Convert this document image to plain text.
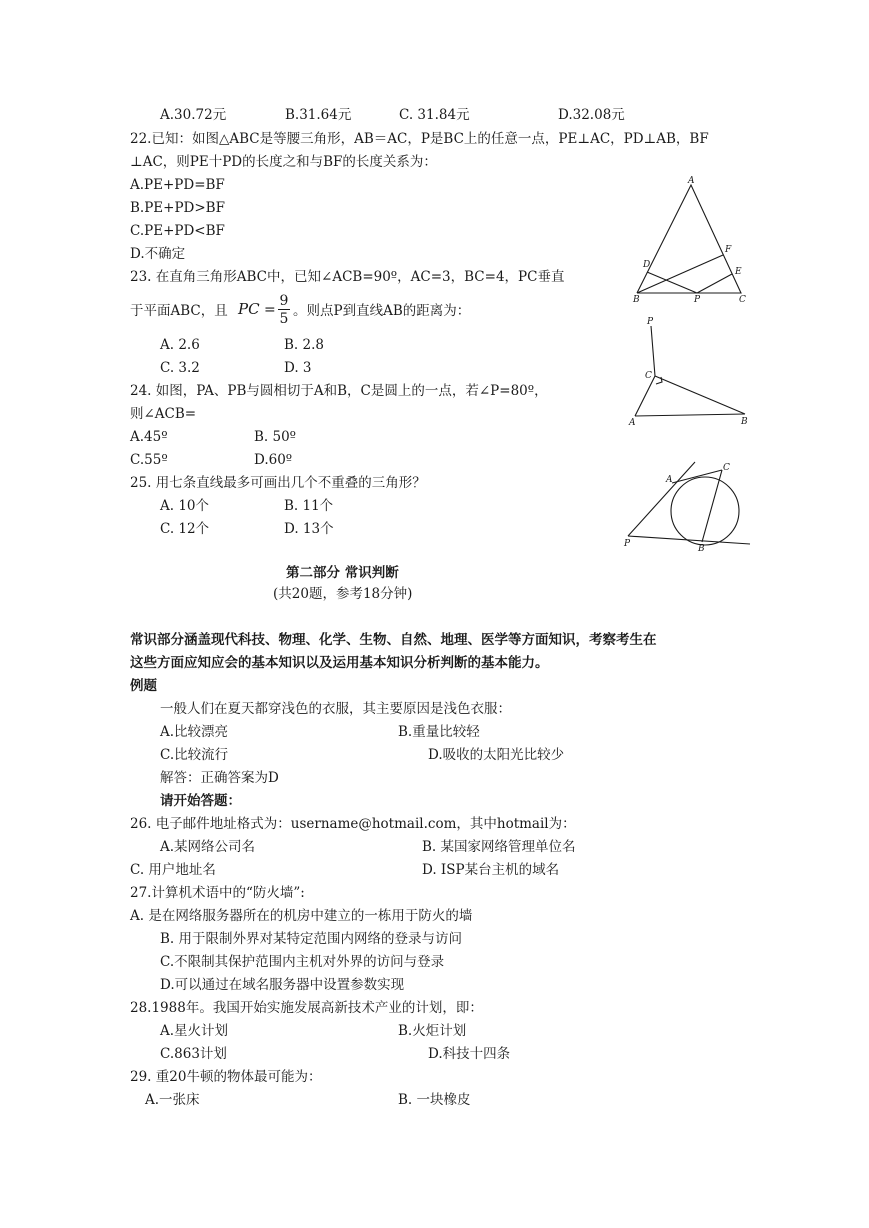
A.30.72元	B.31.64元	C. 31.84元	D.32.08元
22.已知：如图△ABC是等腰三角形，AB＝AC，P是BC上的任意一点，PE⊥AC，PD⊥AB，BF
⊥AC，则PE十PD的长度之和与BF的长度关系为：
A.PE+PD=BF
B.PE+PD>BF
C.PE+PD<BF
D.不确定
A
D
F
E
B	P	C
23. 在直角三角形ABC中，已知∠ACB=90º，AC=3，BC=4，PC垂直
于平面ABC，且 PC =
9
5 。则点P到直线AB的距离为：
A. 2.6	B. 2.8
C. 3.2	D. 3
P
C
A	B
24. 如图，PA、PB与圆相切于A和B，C是圆上的一点，若∠P=80º，
则∠ACB=
A.45º	B. 50º
C.55º	D.60º
A
C
P	B
25. 用七条直线最多可画出几个不重叠的三角形？
A. 10个	B. 11个
C. 12个	D. 13个
第二部分 常识判断
(共20题，参考18分钟)
常识部分涵盖现代科技、物理、化学、生物、自然、地理、医学等方面知识，考察考生在
这些方面应知应会的基本知识以及运用基本知识分析判断的基本能力。
例题
一般人们在夏天都穿浅色的衣服，其主要原因是浅色衣服：
A.比较漂亮	B.重量比较轻
C.比较流行	D.吸收的太阳光比较少
解答：正确答案为D
请开始答题：
26. 电子邮件地址格式为：username@hotmail.com，其中hotmail为：
A.某网络公司名	B. 某国家网络管理单位名
C. 用户地址名	D. ISP某台主机的域名
27.计算机术语中的“防火墙”:
A. 是在网络服务器所在的机房中建立的一栋用于防火的墙
B. 用于限制外界对某特定范围内网络的登录与访问
C.不限制其保护范围内主机对外界的访问与登录
D.可以通过在域名服务器中设置参数实现
28.1988年。我国开始实施发展高新技术产业的计划，即：
A.星火计划	B.火炬计划
C.863计划	D.科技十四条
29. 重20牛顿的物体最可能为：
A.一张床	B. 一块橡皮
